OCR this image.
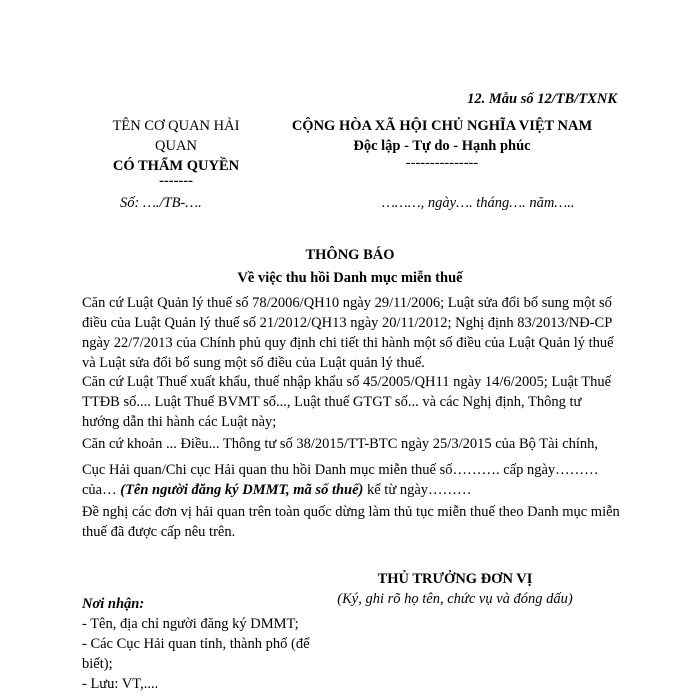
12. Mẫu số 12/TB/TXNK
TÊN CƠ QUAN HẢI
QUAN
CÓ THẨM QUYỀN
-------
CỘNG HÒA XÃ HỘI CHỦ NGHĨA VIỆT NAM
Độc lập - Tự do - Hạnh phúc
---------------
Số: …./TB-….	………, ngày…. tháng…. năm…..
THÔNG BÁO
Về việc thu hồi Danh mục miễn thuế
Căn cứ Luật Quản lý thuế số 78/2006/QH10 ngày 29/11/2006; Luật sửa đổi bổ sung một số điều của Luật Quản lý thuế số 21/2012/QH13 ngày 20/11/2012; Nghị định 83/2013/NĐ-CP ngày 22/7/2013 của Chính phủ quy định chi tiết thi hành một số điều của Luật Quản lý thuế và Luật sửa đổi bổ sung một số điều của Luật quản lý thuế.
Căn cứ Luật Thuế xuất khẩu, thuế nhập khẩu số 45/2005/QH11 ngày 14/6/2005; Luật Thuế TTĐB số.... Luật Thuế BVMT số..., Luật thuế GTGT số... và các Nghị định, Thông tư hướng dẫn thi hành các Luật này;
Căn cứ khoản ... Điều... Thông tư số 38/2015/TT-BTC ngày 25/3/2015 của Bộ Tài chính,
Cục Hải quan/Chi cục Hải quan thu hồi Danh mục miễn thuế số………. cấp ngày………
của… (Tên người đăng ký DMMT, mã số thuế) kể từ ngày………
Đề nghị các đơn vị hải quan trên toàn quốc dừng làm thủ tục miễn thuế theo Danh mục miễn thuế đã được cấp nêu trên.
THỦ TRƯỞNG ĐƠN VỊ
(Ký, ghi rõ họ tên, chức vụ và đóng dấu)
Nơi nhận:
- Tên, địa chỉ người đăng ký DMMT;
- Các Cục Hải quan tỉnh, thành phố (để biết);
- Lưu: VT,....
